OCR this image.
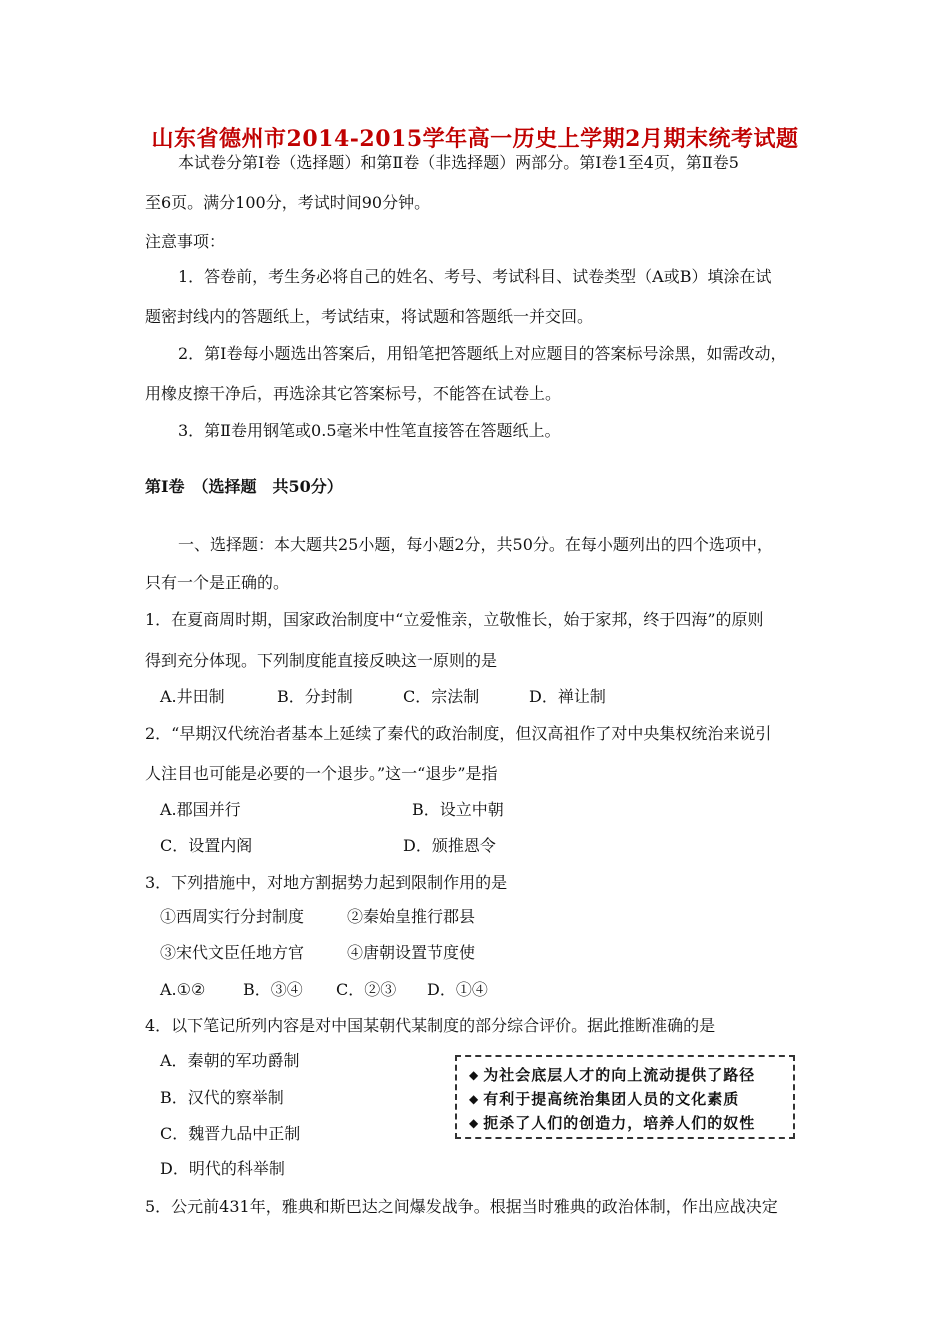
山东省德州市2014-2015学年高一历史上学期2月期末统考试题
本试卷分第Ⅰ卷（选择题）和第Ⅱ卷（非选择题）两部分。第Ⅰ卷1至4页，第Ⅱ卷5
至6页。满分100分，考试时间90分钟。
注意事项：
1．答卷前，考生务必将自己的姓名、考号、考试科目、试卷类型（A或B）填涂在试
题密封线内的答题纸上，考试结束，将试题和答题纸一并交回。
2．第Ⅰ卷每小题选出答案后，用铅笔把答题纸上对应题目的答案标号涂黑，如需改动，
用橡皮擦干净后，再选涂其它答案标号，不能答在试卷上。
3．第Ⅱ卷用钢笔或0.5毫米中性笔直接答在答题纸上。
第Ⅰ卷　（选择题　共50分）
一、选择题：本大题共25小题，每小题2分，共50分。在每小题列出的四个选项中，
只有一个是正确的。
1．在夏商周时期，国家政治制度中“立爱惟亲，立敬惟长，始于家邦，终于四海”的原则
得到充分体现。下列制度能直接反映这一原则的是
A.井田制	B．分封制	C．宗法制	D．禅让制
2．“早期汉代统治者基本上延续了秦代的政治制度，但汉高祖作了对中央集权统治来说引
人注目也可能是必要的一个退步。”这一“退步”是指
A.郡国并行	B．设立中朝
C．设置内阁	D．颁推恩令
3．下列措施中，对地方割据势力起到限制作用的是
①西周实行分封制度	②秦始皇推行郡县
③宋代文臣任地方官	④唐朝设置节度使
A.①② B．③④ C．②③ D．①④
4．以下笔记所列内容是对中国某朝代某制度的部分综合评价。据此推断准确的是
A．秦朝的军功爵制
B．汉代的察举制
C．魏晋九品中正制
D．明代的科举制
◆ 为社会底层人才的向上流动提供了路径
◆ 有利于提高统治集团人员的文化素质
◆ 扼杀了人们的创造力，培养人们的奴性
5．公元前431年，雅典和斯巴达之间爆发战争。根据当时雅典的政治体制，作出应战决定
